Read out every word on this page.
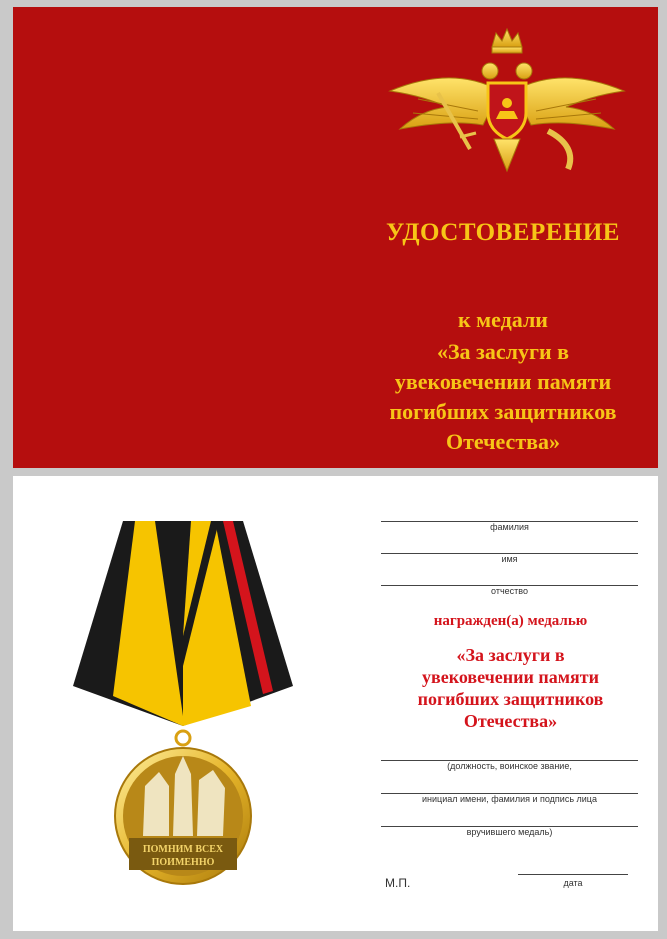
УДОСТОВЕРЕНИЕ
к медали
«За заслуги в
увековечении памяти
погибших защитников
Отечества»
ПОМНИМ ВСЕХ
ПОИМЕННО
фамилия
имя
отчество
награжден(а) медалью
«За заслуги в
увековечении памяти
погибших защитников
Отечества»
(должность, воинское звание,
инициал имени, фамилия и подпись лица
вручившего медаль)
М.П.	дата
